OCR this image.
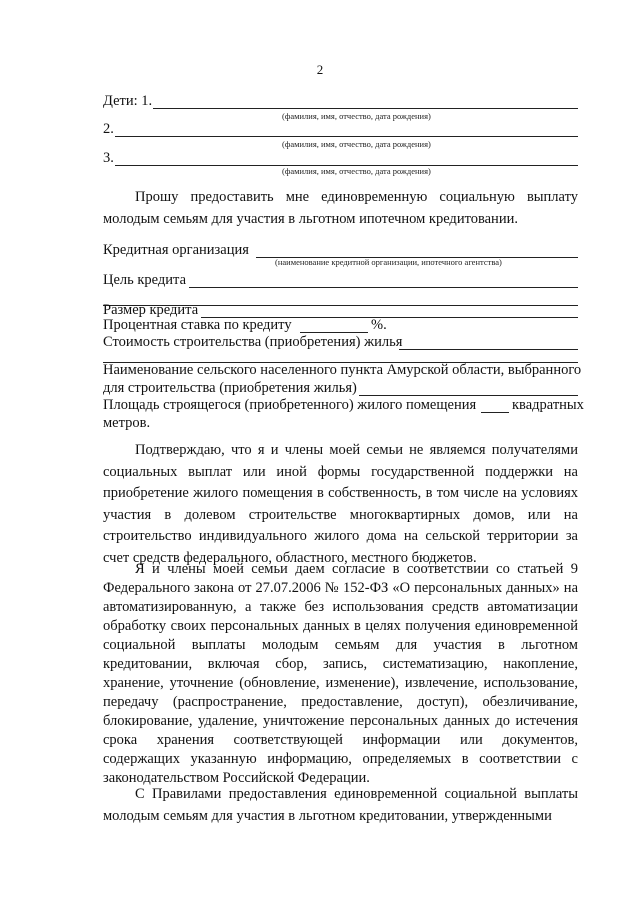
2
Дети: 1.
(фамилия, имя, отчество, дата рождения)
2.
(фамилия, имя, отчество, дата рождения)
3.
(фамилия, имя, отчество, дата рождения)

Прошу предоставить мне единовременную социальную выплату молодым семьям для участия в льготном ипотечном кредитовании.

Кредитная организация
(наименование кредитной организации, ипотечного агентства)
Цель кредита
Размер кредита
Процентная ставка по кредиту	%.
Стоимость строительства (приобретения) жилья
Наименование сельского населенного пункта Амурской области, выбранного
для строительства (приобретения жилья)
Площадь строящегося (приобретенного) жилого помещения квадратных
метров.

Подтверждаю, что я и члены моей семьи не являемся получателями социальных выплат или иной формы государственной поддержки на приобретение жилого помещения в собственность, в том числе на условиях участия в долевом строительстве многоквартирных домов, или на строительство индивидуального жилого дома на сельской территории за счет средств федерального, областного, местного бюджетов.

Я и члены моей семьи даем согласие в соответствии со статьей 9 Федерального закона от 27.07.2006 № 152-ФЗ «О персональных данных» на автоматизированную, а также без использования средств автоматизации обработку своих персональных данных в целях получения единовременной социальной выплаты молодым семьям для участия в льготном кредитовании, включая сбор, запись, систематизацию, накопление, хранение, уточнение (обновление, изменение), извлечение, использование, передачу (распространение, предоставление, доступ), обезличивание, блокирование, удаление, уничтожение персональных данных до истечения срока хранения соответствующей информации или документов, содержащих указанную информацию, определяемых в соответствии с законодательством Российской Федерации.

С Правилами предоставления единовременной социальной выплаты молодым семьям для участия в льготном кредитовании, утвержденными
